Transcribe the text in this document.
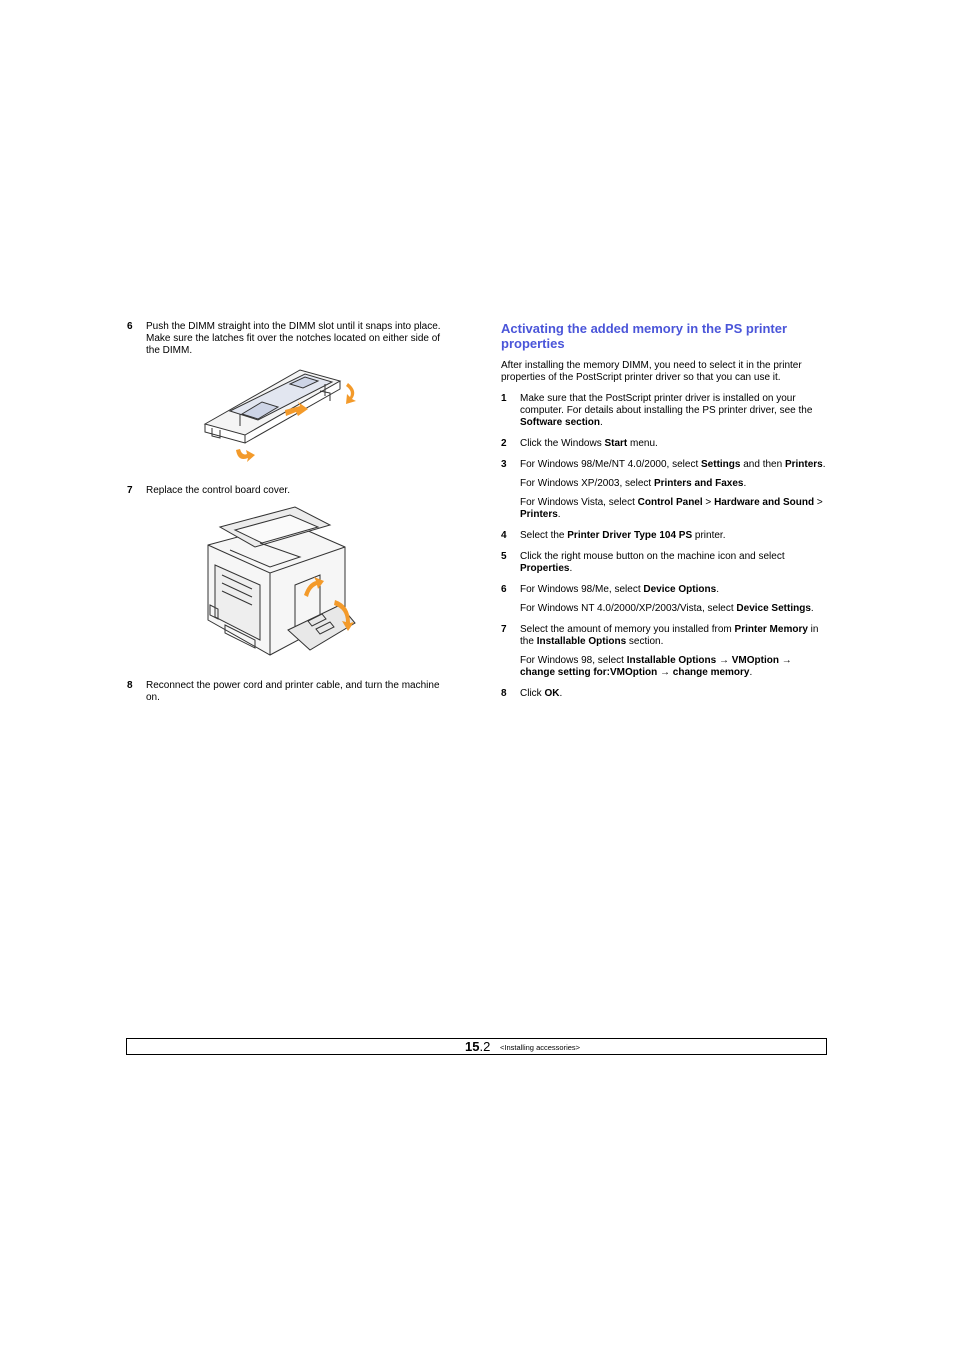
6 Push the DIMM straight into the DIMM slot until it snaps into place. Make sure the latches fit over the notches located on either side of the DIMM.
7 Replace the control board cover.
8 Reconnect the power cord and printer cable, and turn the machine on.
Activating the added memory in the PS printer properties
After installing the memory DIMM, you need to select it in the printer properties of the PostScript printer driver so that you can use it.
1 Make sure that the PostScript printer driver is installed on your computer. For details about installing the PS printer driver, see the Software section.
2 Click the Windows Start menu.
3 For Windows 98/Me/NT 4.0/2000, select Settings and then Printers.
For Windows XP/2003, select Printers and Faxes.
For Windows Vista, select Control Panel > Hardware and Sound > Printers.
4 Select the Printer Driver Type 104 PS printer.
5 Click the right mouse button on the machine icon and select Properties.
6 For Windows 98/Me, select Device Options.
For Windows NT 4.0/2000/XP/2003/Vista, select Device Settings.
7 Select the amount of memory you installed from Printer Memory in the Installable Options section.
For Windows 98, select Installable Options → VMOption → change setting for:VMOption → change memory.
8 Click OK.
15.2 <Installing accessories>
